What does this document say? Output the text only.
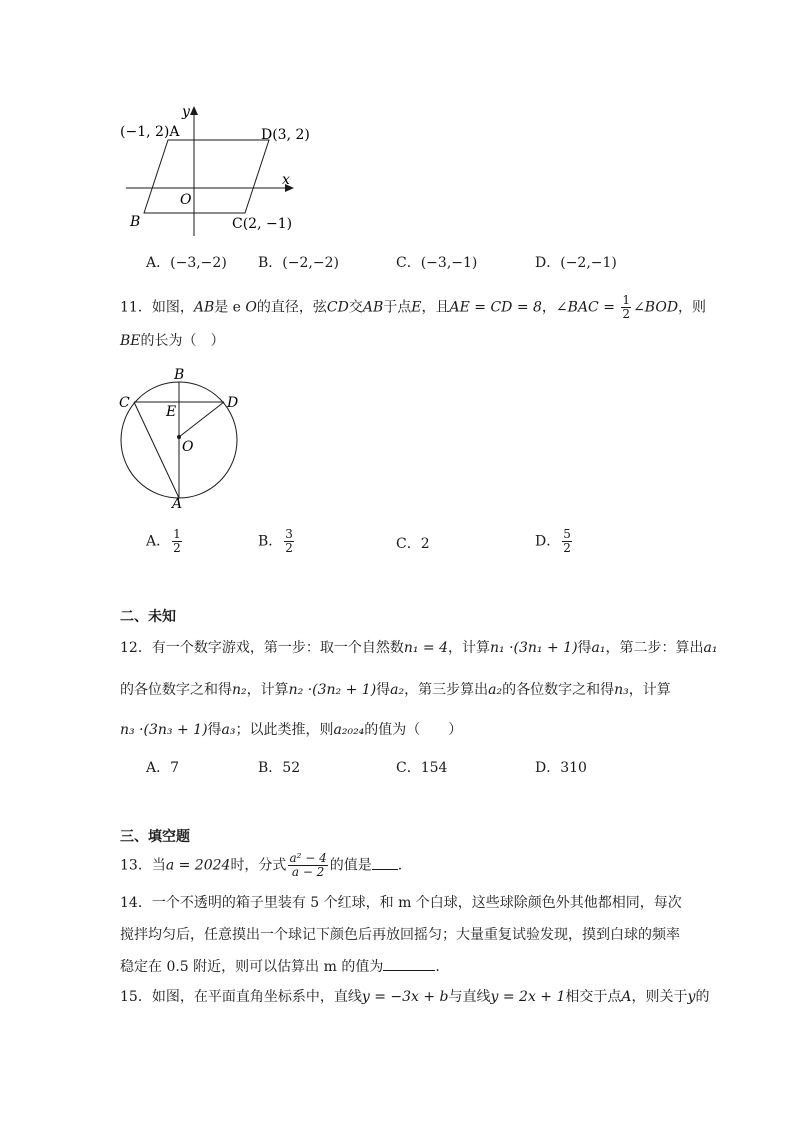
(−1, 2)A	D(3, 2)
B	C(2, −1)
O
x
y
A．(−3,−2) B．(−2,−2)	C．(−3,−1)	D．(−2,−1)
11．如图，AB是 e O的直径，弦CD交AB于点E，且AE = CD = 8，∠BAC = $\frac{1}{2}$ ∠BOD，则
BE的长为（　）
B
C	D
E
O
A
A． $\frac{1}{2}$	B． $\frac{3}{2}$	C．2	D． $\frac{5}{2}$
二、未知
12．有一个数字游戏，第一步：取一个自然数n₁ = 4，计算n₁ ·(3n₁ + 1)得a₁，第二步：算出a₁
的各位数字之和得n₂，计算n₂ ·(3n₂ + 1)得a₂，第三步算出a₂的各位数字之和得n₃，计算
n₃ ·(3n₃ + 1)得a₃；以此类推，则a₂₀₂₄的值为（　　）
A．7	B．52	C．154	D．310
三、填空题
13．当a = 2024时，分式 $\frac{\text{a² − 4}}{a - 2}$ 的值是 .
14．一个不透明的箱子里装有 5 个红球，和 m 个白球，这些球除颜色外其他都相同，每次
搅拌均匀后，任意摸出一个球记下颜色后再放回摇匀；大量重复试验发现，摸到白球的频率
稳定在 0.5 附近，则可以估算出 m 的值为	.
15．如图，在平面直角坐标系中，直线y = −3x + b与直线y = 2x + 1相交于点A，则关于y的
